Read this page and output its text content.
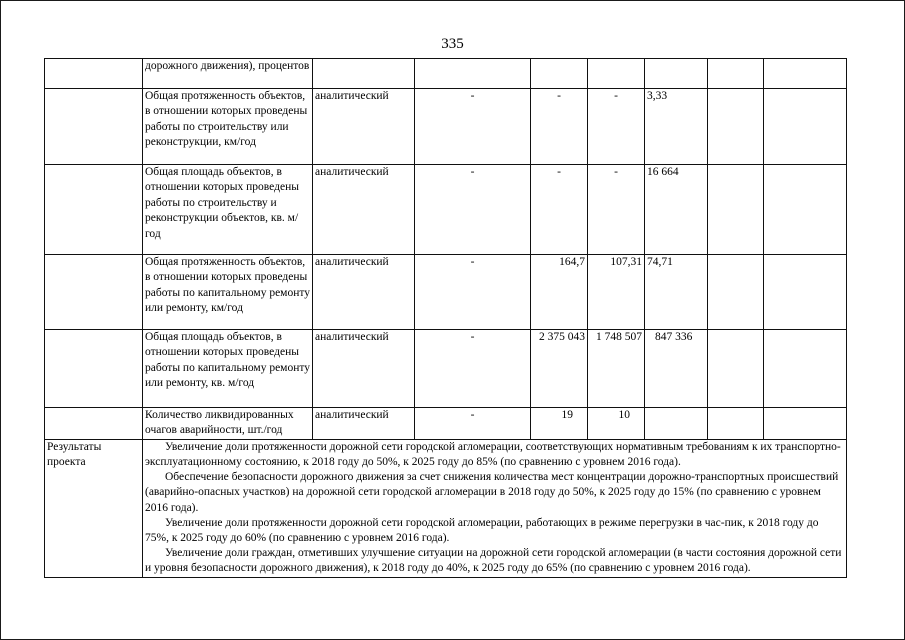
335
	дорожного движения), процентов							
	Общая протяженность объектов, в отношении которых проведены работы по строительству или реконструкции, км/год	аналитический	-	-	-	3,33		
	Общая площадь объектов, в отношении которых проведены работы по строительству и реконструкции объектов, кв. м/год	аналитический	-	-	-	16 664		
	Общая протяженность объектов, в отношении которых проведены работы по капитальному ремонту или ремонту, км/год	аналитический	-	164,7	107,31	74,71		
	Общая площадь объектов, в отношении которых проведены работы по капитальному ремонту или ремонту, кв. м/год	аналитический	-	2 375 043	1 748 507	847 336		
	Количество ликвидированных очагов аварийности, шт./год	аналитический	-	19	10			
Результаты проекта	Увеличение доли протяженности дорожной сети городской агломерации, соответствующих нормативным требованиям к их транспортно-эксплуатационному состоянию, к 2018 году до 50%, к 2025 году до 85% (по сравнению с уровнем 2016 года).

Обеспечение безопасности дорожного движения за счет снижения количества мест концентрации дорожно-транспортных происшествий (аварийно-опасных участков) на дорожной сети городской агломерации в 2018 году до 50%, к 2025 году до 15% (по сравнению с уровнем 2016 года).

Увеличение доли протяженности дорожной сети городской агломерации, работающих в режиме перегрузки в час-пик, к 2018 году до 75%, к 2025 году до 60% (по сравнению с уровнем 2016 года).

Увеличение доли граждан, отметивших улучшение ситуации на дорожной сети городской агломерации (в части состояния дорожной сети и уровня безопасности дорожного движения), к 2018 году до 40%, к 2025 году до 65% (по сравнению с уровнем 2016 года).							
